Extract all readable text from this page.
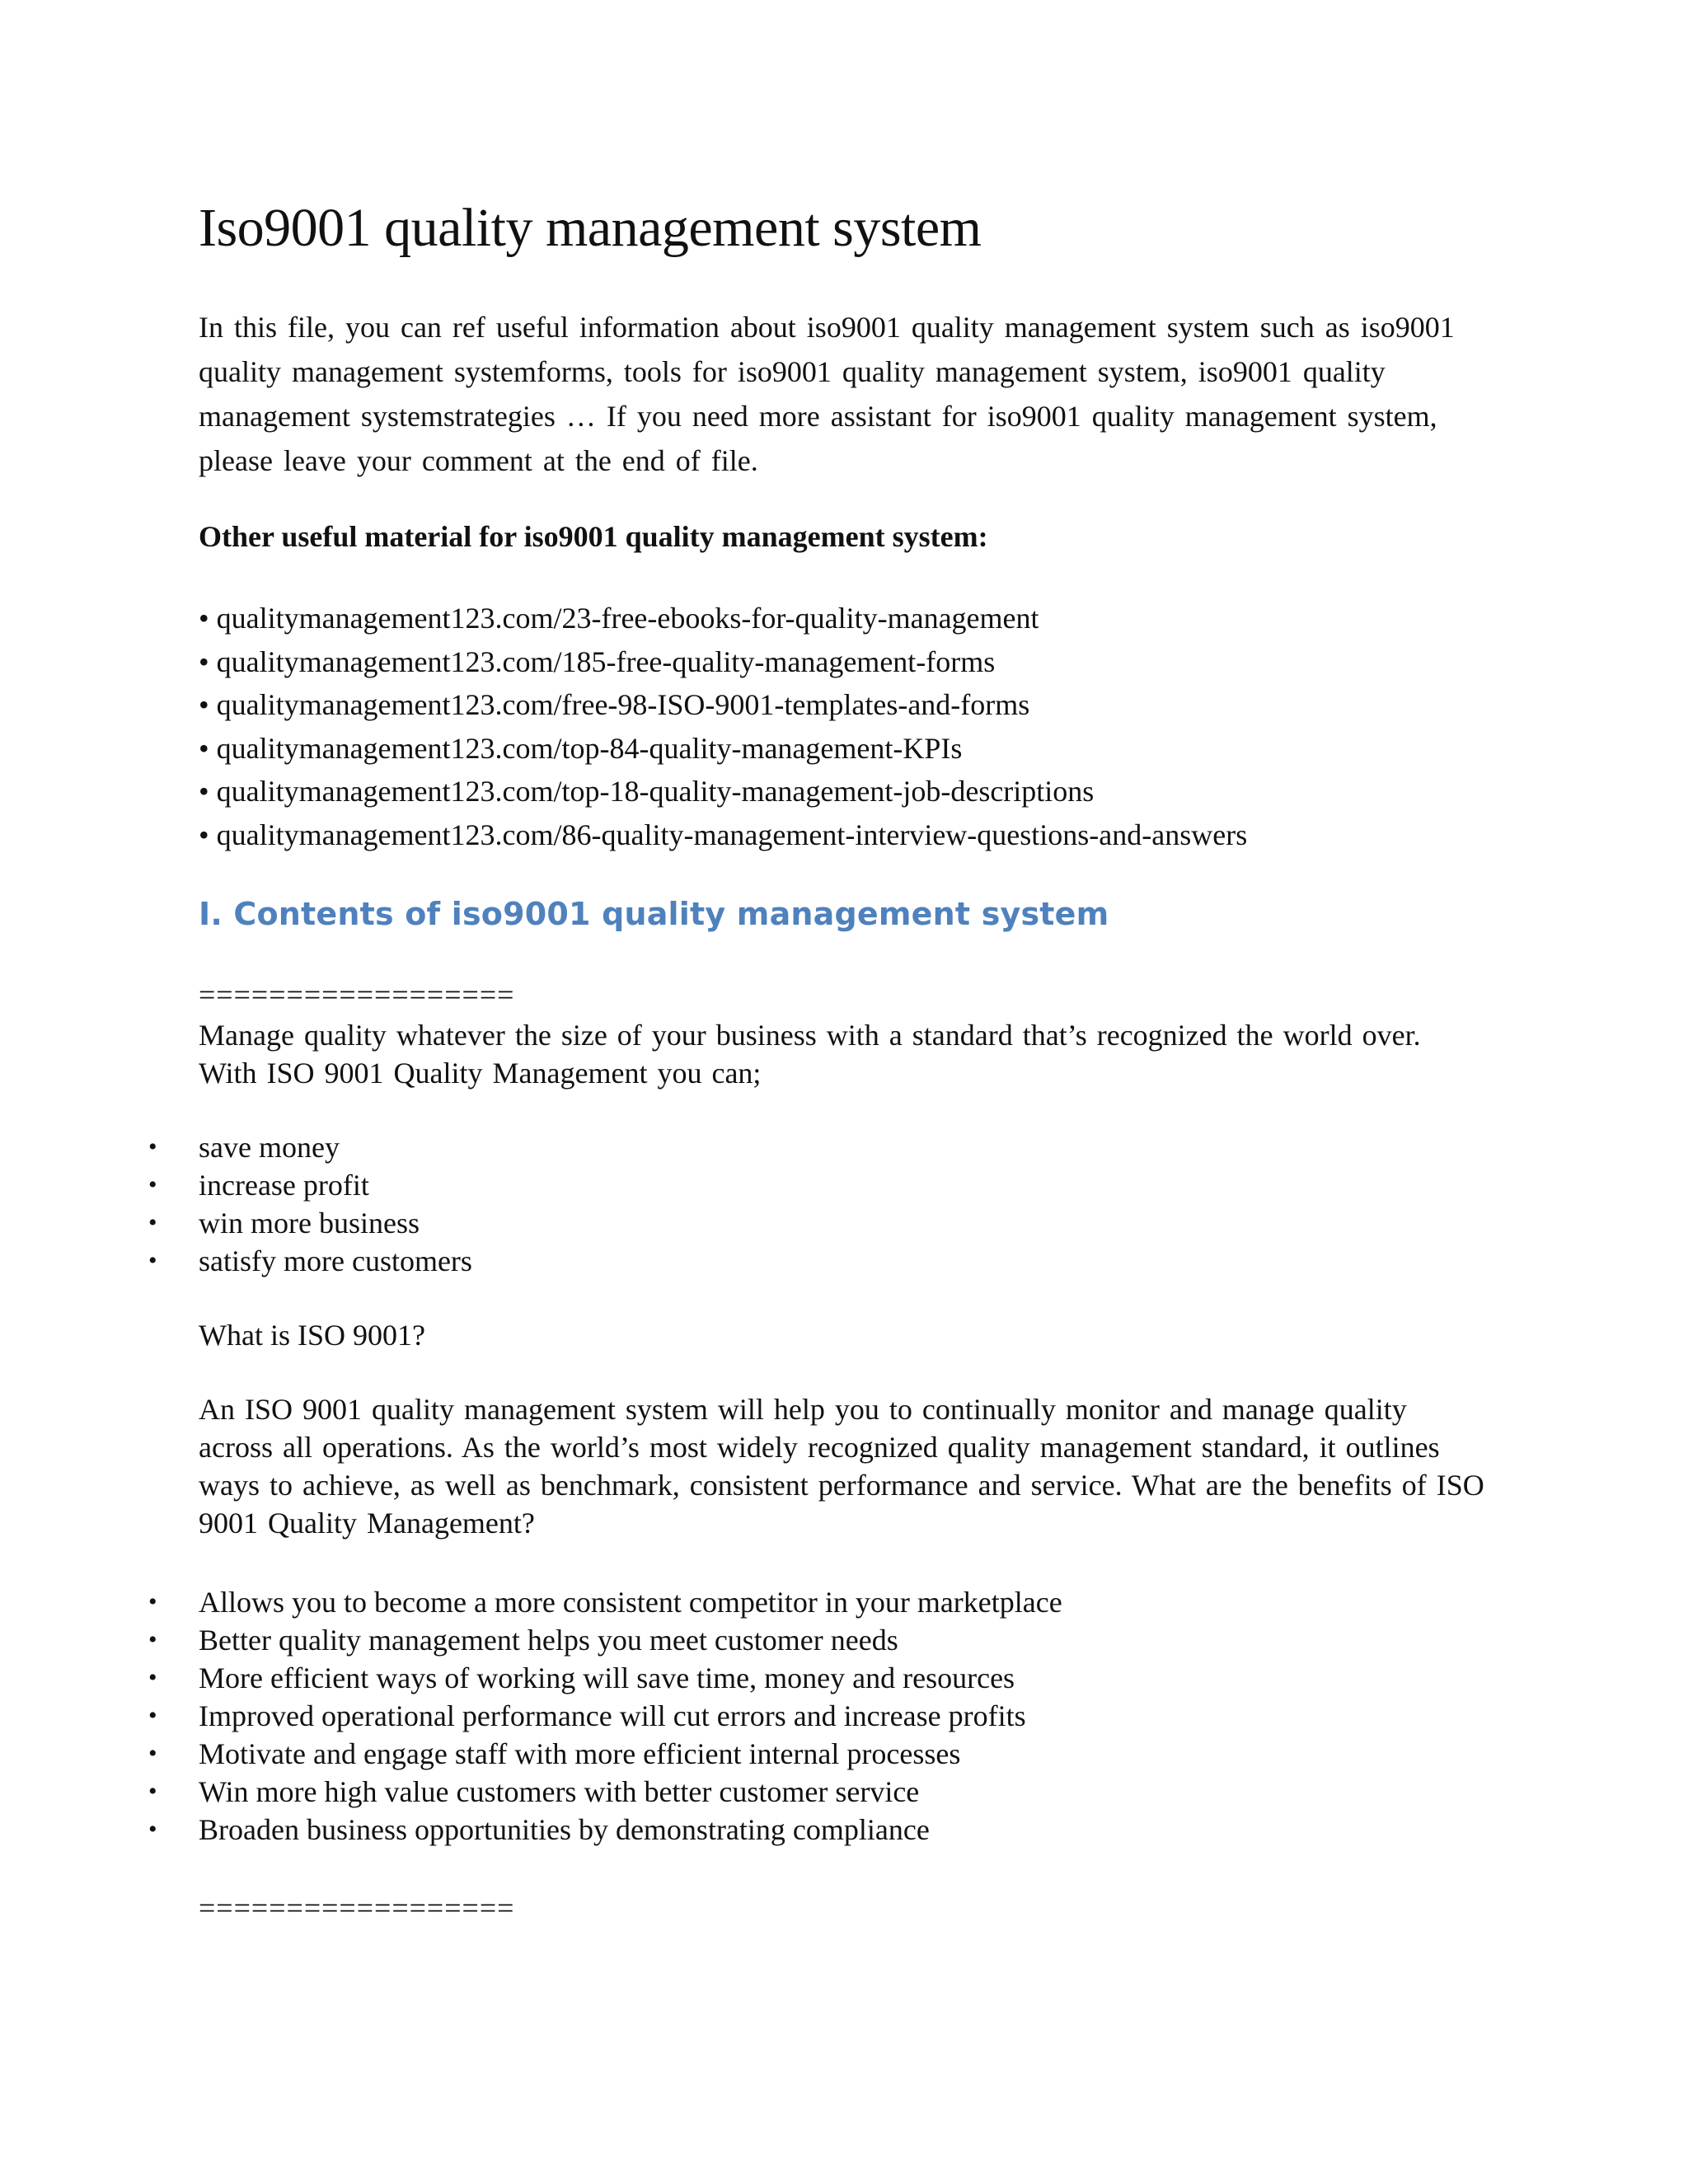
Iso9001 quality management system

In this file, you can ref useful information about iso9001 quality management system such as iso9001 quality management systemforms, tools for iso9001 quality management system, iso9001 quality management systemstrategies … If you need more assistant for iso9001 quality management system, please leave your comment at the end of file.

Other useful material for iso9001 quality management system:

• qualitymanagement123.com/23-free-ebooks-for-quality-management
• qualitymanagement123.com/185-free-quality-management-forms
• qualitymanagement123.com/free-98-ISO-9001-templates-and-forms
• qualitymanagement123.com/top-84-quality-management-KPIs
• qualitymanagement123.com/top-18-quality-management-job-descriptions
• qualitymanagement123.com/86-quality-management-interview-questions-and-answers
I. Contents of iso9001 quality management system
==================

Manage quality whatever the size of your business with a standard that’s recognized the world over. With ISO 9001 Quality Management you can;

• save money
• increase profit
• win more business
• satisfy more customers

What is ISO 9001?

An ISO 9001 quality management system will help you to continually monitor and manage quality across all operations. As the world’s most widely recognized quality management standard, it outlines ways to achieve, as well as benchmark, consistent performance and service. What are the benefits of ISO 9001 Quality Management?

• Allows you to become a more consistent competitor in your marketplace
• Better quality management helps you meet customer needs
• More efficient ways of working will save time, money and resources
• Improved operational performance will cut errors and increase profits
• Motivate and engage staff with more efficient internal processes
• Win more high value customers with better customer service
• Broaden business opportunities by demonstrating compliance
==================
